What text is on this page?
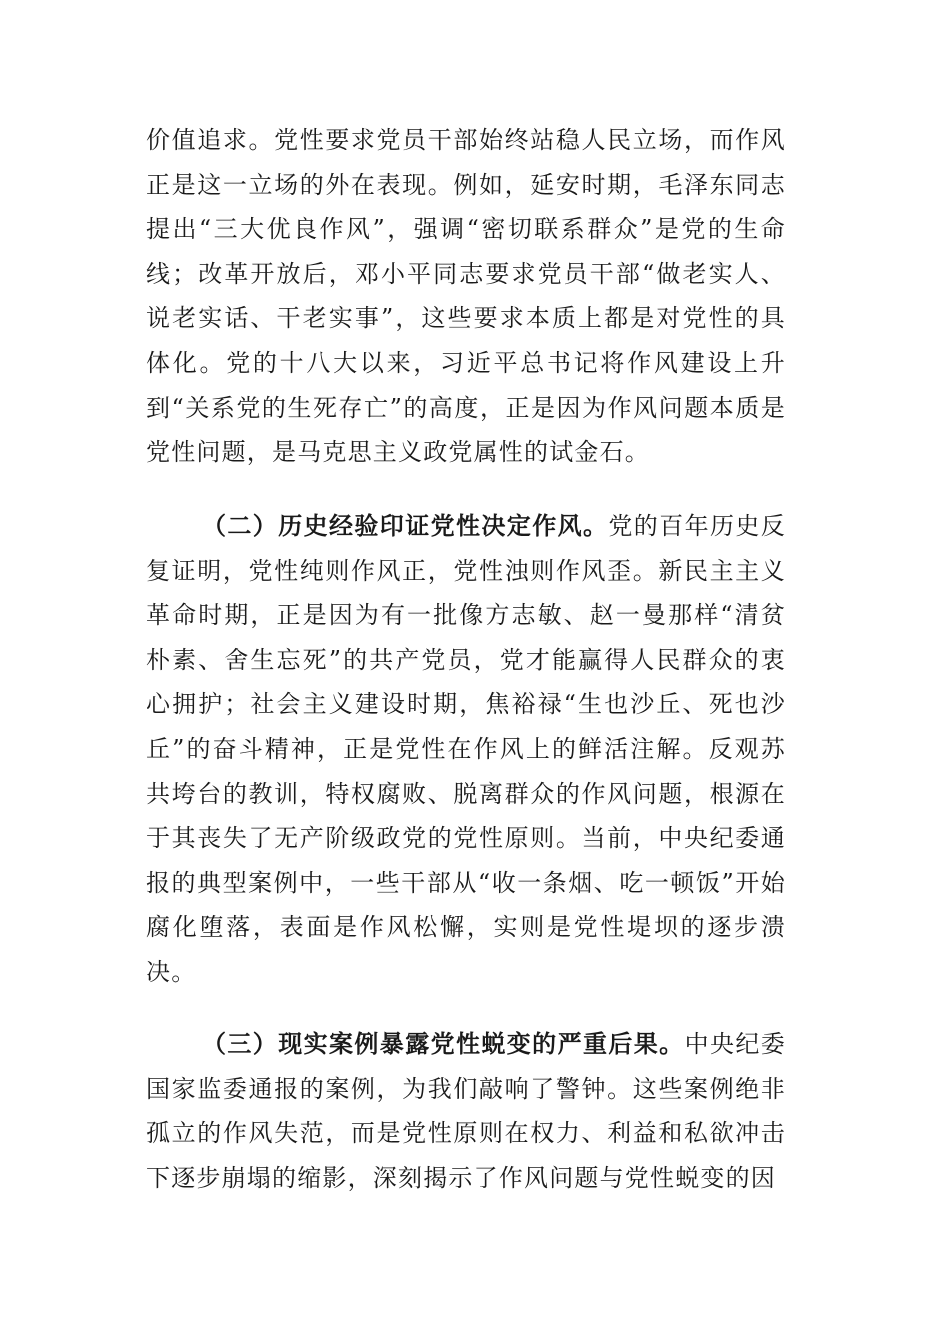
价值追求。党性要求党员干部始终站稳人民立场，而作风正是这一立场的外在表现。例如，延安时期，毛泽东同志提出“三大优良作风”，强调“密切联系群众”是党的生命线；改革开放后，邓小平同志要求党员干部“做老实人、说老实话、干老实事”，这些要求本质上都是对党性的具体化。党的十八大以来，习近平总书记将作风建设上升到“关系党的生死存亡”的高度，正是因为作风问题本质是党性问题，是马克思主义政党属性的试金石。

（二）历史经验印证党性决定作风。党的百年历史反复证明，党性纯则作风正，党性浊则作风歪。新民主主义革命时期，正是因为有一批像方志敏、赵一曼那样“清贫朴素、舍生忘死”的共产党员，党才能赢得人民群众的衷心拥护；社会主义建设时期，焦裕禄“生也沙丘、死也沙丘”的奋斗精神，正是党性在作风上的鲜活注解。反观苏共垮台的教训，特权腐败、脱离群众的作风问题，根源在于其丧失了无产阶级政党的党性原则。当前，中央纪委通报的典型案例中，一些干部从“收一条烟、吃一顿饭”开始腐化堕落，表面是作风松懈，实则是党性堤坝的逐步溃决。

（三）现实案例暴露党性蜕变的严重后果。中央纪委国家监委通报的案例，为我们敲响了警钟。这些案例绝非孤立的作风失范，而是党性原则在权力、利益和私欲冲击下逐步崩塌的缩影，深刻揭示了作风问题与党性蜕变的因
